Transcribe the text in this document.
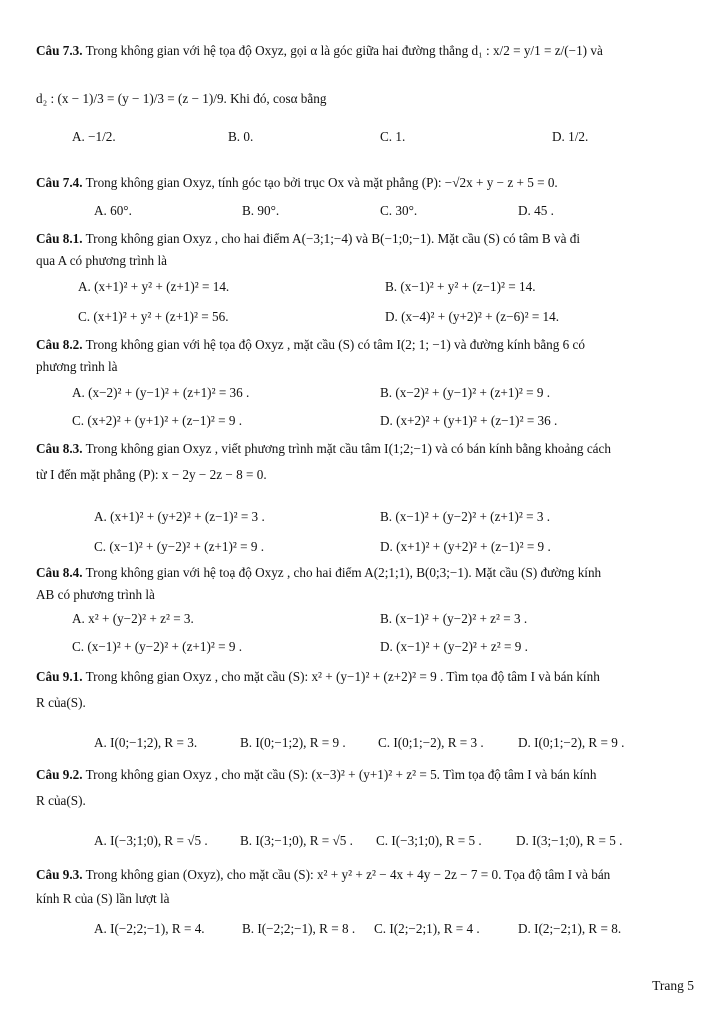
Câu 7.3. Trong không gian với hệ tọa độ Oxyz, gọi α là góc giữa hai đường thẳng d₁ : x/2 = y/1 = z/(−1) và
d₂ : (x − 1)/3 = (y − 1)/3 = (z − 1)/9. Khi đó, cosα bằng
A. −1/2.	B. 0.	C. 1.	D. 1/2.
Câu 7.4. Trong không gian Oxyz, tính góc tạo bởi trục Ox và mặt phẳng (P): −√2x + y − z + 5 = 0.
A. 60°.	B. 90°.	C. 30°.	D. 45 .
Câu 8.1. Trong không gian Oxyz , cho hai điểm A(−3;1;−4) và B(−1;0;−1). Mặt cầu (S) có tâm B và đi
qua A có phương trình là
A. (x+1)² + y² + (z+1)² = 14.	B. (x−1)² + y² + (z−1)² = 14.
C. (x+1)² + y² + (z+1)² = 56.	D. (x−4)² + (y+2)² + (z−6)² = 14.
Câu 8.2. Trong không gian với hệ tọa độ Oxyz , mặt cầu (S) có tâm I(2; 1; −1) và đường kính bằng 6 có
phương trình là
A. (x−2)² + (y−1)² + (z+1)² = 36 .	B. (x−2)² + (y−1)² + (z+1)² = 9 .
C. (x+2)² + (y+1)² + (z−1)² = 9 .	D. (x+2)² + (y+1)² + (z−1)² = 36 .
Câu 8.3. Trong không gian Oxyz , viết phương trình mặt cầu tâm I(1;2;−1) và có bán kính bằng khoảng cách
từ I đến mặt phẳng (P): x − 2y − 2z − 8 = 0.
A. (x+1)² + (y+2)² + (z−1)² = 3 .	B. (x−1)² + (y−2)² + (z+1)² = 3 .
C. (x−1)² + (y−2)² + (z+1)² = 9 .	D. (x+1)² + (y+2)² + (z−1)² = 9 .
Câu 8.4. Trong không gian với hệ toạ độ Oxyz , cho hai điểm A(2;1;1), B(0;3;−1). Mặt cầu (S) đường kính
AB có phương trình là
A. x² + (y−2)² + z² = 3.	B. (x−1)² + (y−2)² + z² = 3 .
C. (x−1)² + (y−2)² + (z+1)² = 9 .	D. (x−1)² + (y−2)² + z² = 9 .
Câu 9.1. Trong không gian Oxyz , cho mặt cầu (S): x² + (y−1)² + (z+2)² = 9 . Tìm tọa độ tâm I và bán kính
R của(S).
A. I(0;−1;2), R = 3.	B. I(0;−1;2), R = 9 . C. I(0;1;−2), R = 3 .	D. I(0;1;−2), R = 9 .
Câu 9.2. Trong không gian Oxyz , cho mặt cầu (S): (x−3)² + (y+1)² + z² = 5. Tìm tọa độ tâm I và bán kính
R của(S).
A. I(−3;1;0), R = √5 . B. I(3;−1;0), R = √5 . C. I(−3;1;0), R = 5 .	D. I(3;−1;0), R = 5 .
Câu 9.3. Trong không gian (Oxyz), cho mặt cầu (S): x² + y² + z² − 4x + 4y − 2z − 7 = 0. Tọa độ tâm I và bán
kính R của (S) lần lượt là
A. I(−2;2;−1), R = 4.	B. I(−2;2;−1), R = 8 . C. I(2;−2;1), R = 4 .	D. I(2;−2;1), R = 8.
Trang 5
